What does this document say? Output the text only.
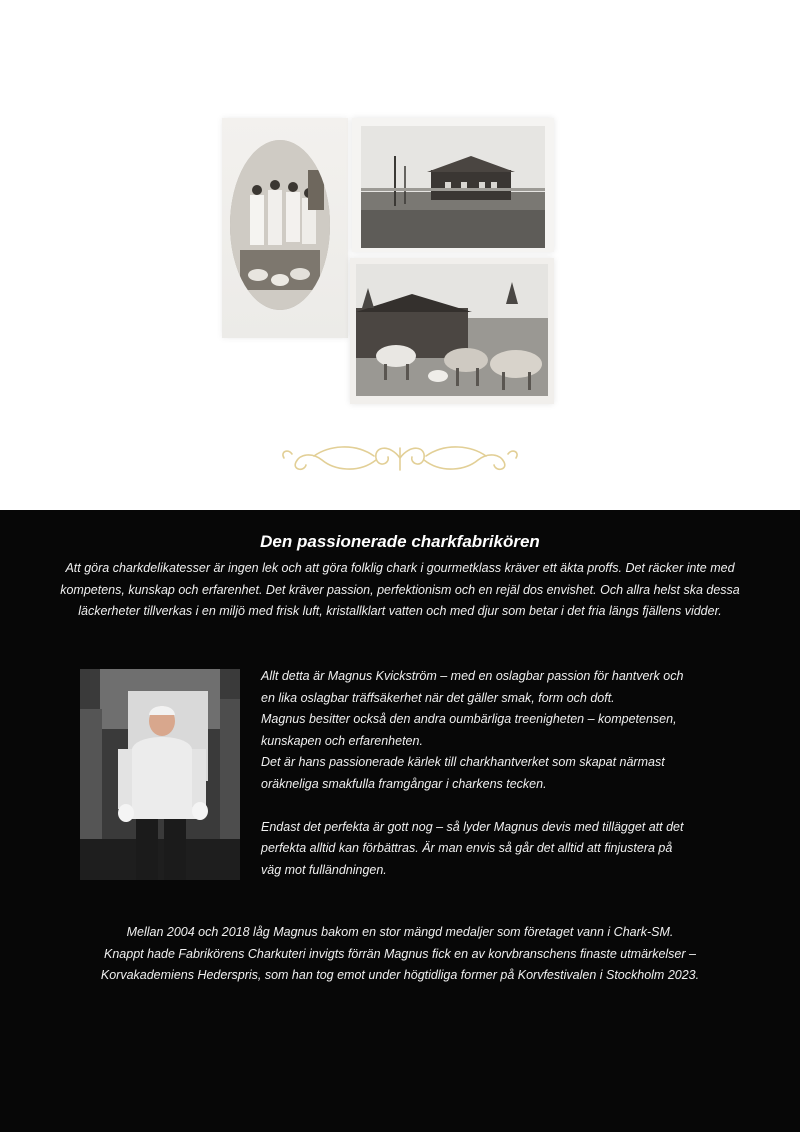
Den passionerade charkfabrikören

Att göra charkdelikatesser är ingen lek och att göra folklig chark i gourmetklass kräver ett äkta proffs. Det räcker inte med

kompetens, kunskap och erfarenhet. Det kräver passion, perfektionism och en rejäl dos envishet. Och allra helst ska dessa

läckerheter tillverkas i en miljö med frisk luft, kristallklart vatten och med djur som betar i det fria längs fjällens vidder.

Allt detta är Magnus Kvickström – med en oslagbar passion för hantverk och

en lika oslagbar träffsäkerhet när det gäller smak, form och doft.

Magnus besitter också den andra oumbärliga treenigheten – kompetensen,

kunskapen och erfarenheten.

Det är hans passionerade kärlek till charkhantverket som skapat närmast

oräkneliga smakfulla framgångar i charkens tecken.

Endast det perfekta är gott nog – så lyder Magnus devis med tillägget att det

perfekta alltid kan förbättras. Är man envis så går det alltid att finjustera på

väg mot fulländningen.

Mellan 2004 och 2018 låg Magnus bakom en stor mängd medaljer som företaget vann i Chark-SM.

Knappt hade Fabrikörens Charkuteri invigts förrän Magnus fick en av korvbranschens finaste utmärkelser –

Korvakademiens Hederspris, som han tog emot under högtidliga former på Korvfestivalen i Stockholm 2023.
